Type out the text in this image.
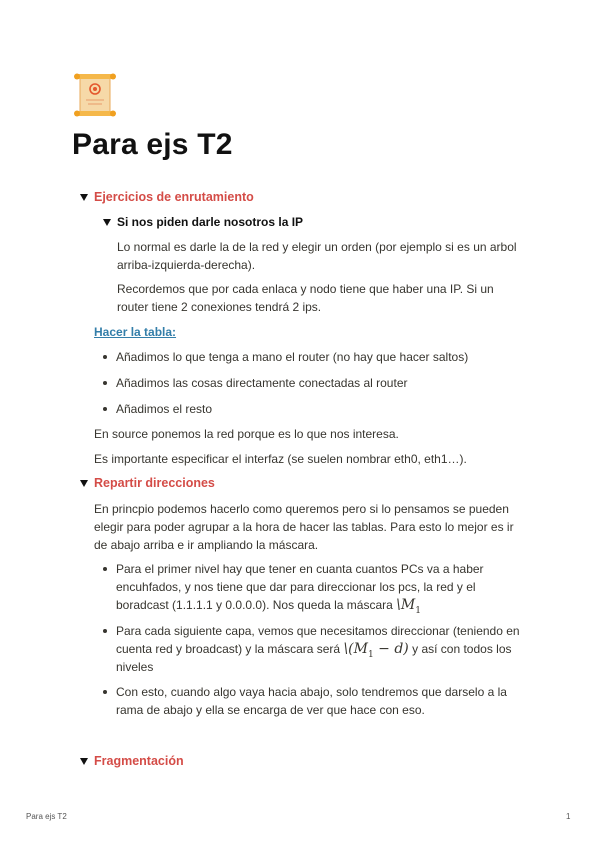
Para ejs T2
Ejercicios de enrutamiento
Si nos piden darle nosotros la IP

Lo normal es darle la de la red y elegir un orden (por ejemplo si es un arbol

arriba-izquierda-derecha).

Recordemos que por cada enlaca y nodo tiene que haber una IP. Si un

router tiene 2 conexiones tendrá 2 ips.

Hacer la tabla:
Añadimos lo que tenga a mano el router (no hay que hacer saltos)
Añadimos las cosas directamente conectadas al router
Añadimos el resto

En source ponemos la red porque es lo que nos interesa.

Es importante especificar el interfaz (se suelen nombrar eth0, eth1…).

Repartir direcciones

En princpio podemos hacerlo como queremos pero si lo pensamos se pueden

elegir para poder agrupar a la hora de hacer las tablas. Para esto lo mejor es ir

de abajo arriba e ir ampliando la máscara.

Para el primer nivel hay que tener en cuanta cuantos PCs va a haber

encuhfados, y nos tiene que dar para direccionar los pcs, la red y el

boradcast (1.1.1.1 y 0.0.0.0). Nos queda la máscara $\backslash M_1$

Para cada siguiente capa, vemos que necesitamos direccionar (teniendo en

cuenta red y broadcast) y la máscara será $\backslash(M_1 - d)$ y así con todos los

niveles

Con esto, cuando algo vaya hacia abajo, solo tendremos que darselo a la

rama de abajo y ella se encarga de ver que hace con eso.

Fragmentación
Para ejs T2	1
